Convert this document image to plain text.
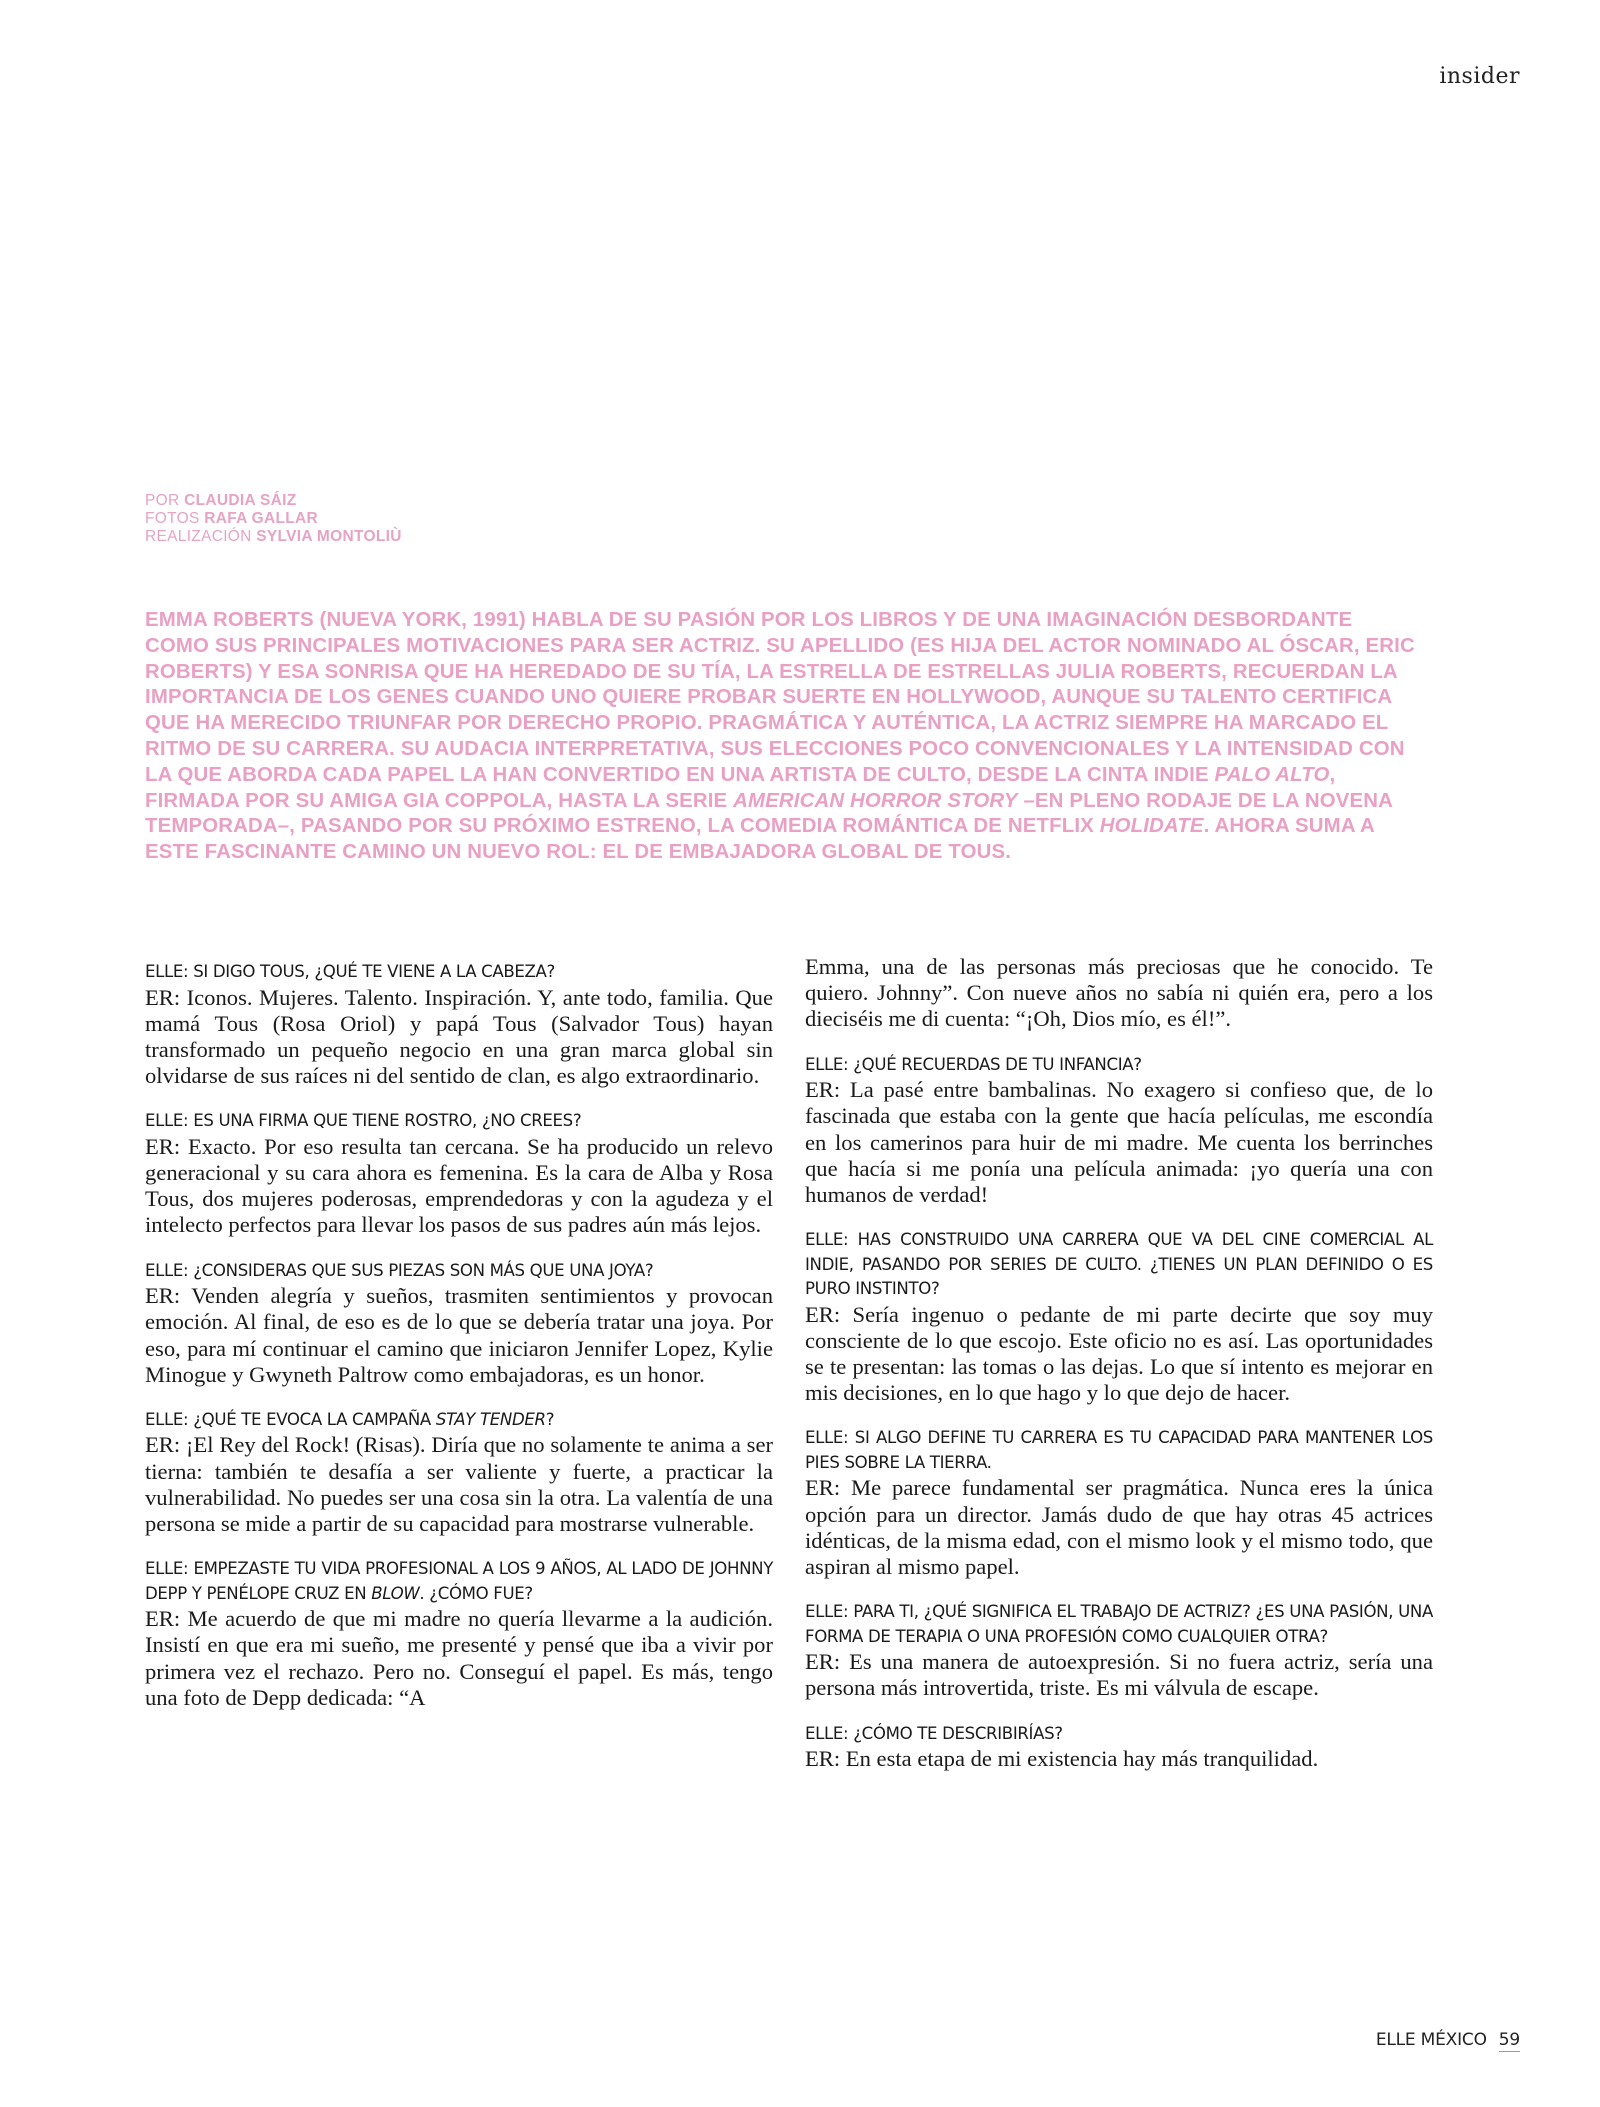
insider
POR CLAUDIA SÁIZ
FOTOS RAFA GALLAR
REALIZACIÓN SYLVIA MONTOLIÙ
EMMA ROBERTS (NUEVA YORK, 1991) HABLA DE SU PASIÓN POR LOS LIBROS Y DE UNA IMAGINACIÓN DESBORDANTE COMO SUS PRINCIPALES MOTIVACIONES PARA SER ACTRIZ. SU APELLIDO (ES HIJA DEL ACTOR NOMINADO AL ÓSCAR, ERIC ROBERTS) Y ESA SONRISA QUE HA HEREDADO DE SU TÍA, LA ESTRELLA DE ESTRELLAS JULIA ROBERTS, RECUERDAN LA IMPORTANCIA DE LOS GENES CUANDO UNO QUIERE PROBAR SUERTE EN HOLLYWOOD, AUNQUE SU TALENTO CERTIFICA QUE HA MERECIDO TRIUNFAR POR DERECHO PROPIO. PRAGMÁTICA Y AUTÉNTICA, LA ACTRIZ SIEMPRE HA MARCADO EL RITMO DE SU CARRERA. SU AUDACIA INTERPRETATIVA, SUS ELECCIONES POCO CONVENCIONALES Y LA INTENSIDAD CON LA QUE ABORDA CADA PAPEL LA HAN CONVERTIDO EN UNA ARTISTA DE CULTO, DESDE LA CINTA INDIE PALO ALTO, FIRMADA POR SU AMIGA GIA COPPOLA, HASTA LA SERIE AMERICAN HORROR STORY –EN PLENO RODAJE DE LA NOVENA TEMPORADA–, PASANDO POR SU PRÓXIMO ESTRENO, LA COMEDIA ROMÁNTICA DE NETFLIX HOLIDATE. AHORA SUMA A ESTE FASCINANTE CAMINO UN NUEVO ROL: EL DE EMBAJADORA GLOBAL DE TOUS.
ELLE: SI DIGO TOUS, ¿QUÉ TE VIENE A LA CABEZA?
ER: Iconos. Mujeres. Talento. Inspiración. Y, ante todo, familia. Que mamá Tous (Rosa Oriol) y papá Tous (Salvador Tous) hayan transformado un pequeño negocio en una gran marca global sin olvidarse de sus raíces ni del sentido de clan, es algo extraordinario.
ELLE: ES UNA FIRMA QUE TIENE ROSTRO, ¿NO CREES?
ER: Exacto. Por eso resulta tan cercana. Se ha producido un relevo generacional y su cara ahora es femenina. Es la cara de Alba y Rosa Tous, dos mujeres poderosas, emprendedoras y con la agudeza y el intelecto perfectos para llevar los pasos de sus padres aún más lejos.
ELLE: ¿CONSIDERAS QUE SUS PIEZAS SON MÁS QUE UNA JOYA?
ER: Venden alegría y sueños, trasmiten sentimientos y provocan emoción. Al final, de eso es de lo que se debería tratar una joya. Por eso, para mí continuar el camino que iniciaron Jennifer Lopez, Kylie Minogue y Gwyneth Paltrow como embajadoras, es un honor.
ELLE: ¿QUÉ TE EVOCA LA CAMPAÑA STAY TENDER?
ER: ¡El Rey del Rock! (Risas). Diría que no solamente te anima a ser tierna: también te desafía a ser valiente y fuerte, a practicar la vulnerabilidad. No puedes ser una cosa sin la otra. La valentía de una persona se mide a partir de su capacidad para mostrarse vulnerable.
ELLE: EMPEZASTE TU VIDA PROFESIONAL A LOS 9 AÑOS, AL LADO DE JOHNNY DEPP Y PENÉLOPE CRUZ EN BLOW. ¿CÓMO FUE?
ER: Me acuerdo de que mi madre no quería llevarme a la audición. Insistí en que era mi sueño, me presenté y pensé que iba a vivir por primera vez el rechazo. Pero no. Conseguí el papel. Es más, tengo una foto de Depp dedicada: “A
Emma, una de las personas más preciosas que he conocido. Te quiero. Johnny”. Con nueve años no sabía ni quién era, pero a los dieciséis me di cuenta: “¡Oh, Dios mío, es él!”.
ELLE: ¿QUÉ RECUERDAS DE TU INFANCIA?
ER: La pasé entre bambalinas. No exagero si confieso que, de lo fascinada que estaba con la gente que hacía películas, me escondía en los camerinos para huir de mi madre. Me cuenta los berrinches que hacía si me ponía una película animada: ¡yo quería una con humanos de verdad!
ELLE: HAS CONSTRUIDO UNA CARRERA QUE VA DEL CINE COMERCIAL AL INDIE, PASANDO POR SERIES DE CULTO. ¿TIENES UN PLAN DEFINIDO O ES PURO INSTINTO?
ER: Sería ingenuo o pedante de mi parte decirte que soy muy consciente de lo que escojo. Este oficio no es así. Las oportunidades se te presentan: las tomas o las dejas. Lo que sí intento es mejorar en mis decisiones, en lo que hago y lo que dejo de hacer.
ELLE: SI ALGO DEFINE TU CARRERA ES TU CAPACIDAD PARA MANTENER LOS PIES SOBRE LA TIERRA.
ER: Me parece fundamental ser pragmática. Nunca eres la única opción para un director. Jamás dudo de que hay otras 45 actrices idénticas, de la misma edad, con el mismo look y el mismo todo, que aspiran al mismo papel.
ELLE: PARA TI, ¿QUÉ SIGNIFICA EL TRABAJO DE ACTRIZ? ¿ES UNA PASIÓN, UNA FORMA DE TERAPIA O UNA PROFESIÓN COMO CUALQUIER OTRA?
ER: Es una manera de autoexpresión. Si no fuera actriz, sería una persona más introvertida, triste. Es mi válvula de escape.
ELLE: ¿CÓMO TE DESCRIBIRÍAS?
ER: En esta etapa de mi existencia hay más tranquilidad.
ELLE MÉXICO 59
